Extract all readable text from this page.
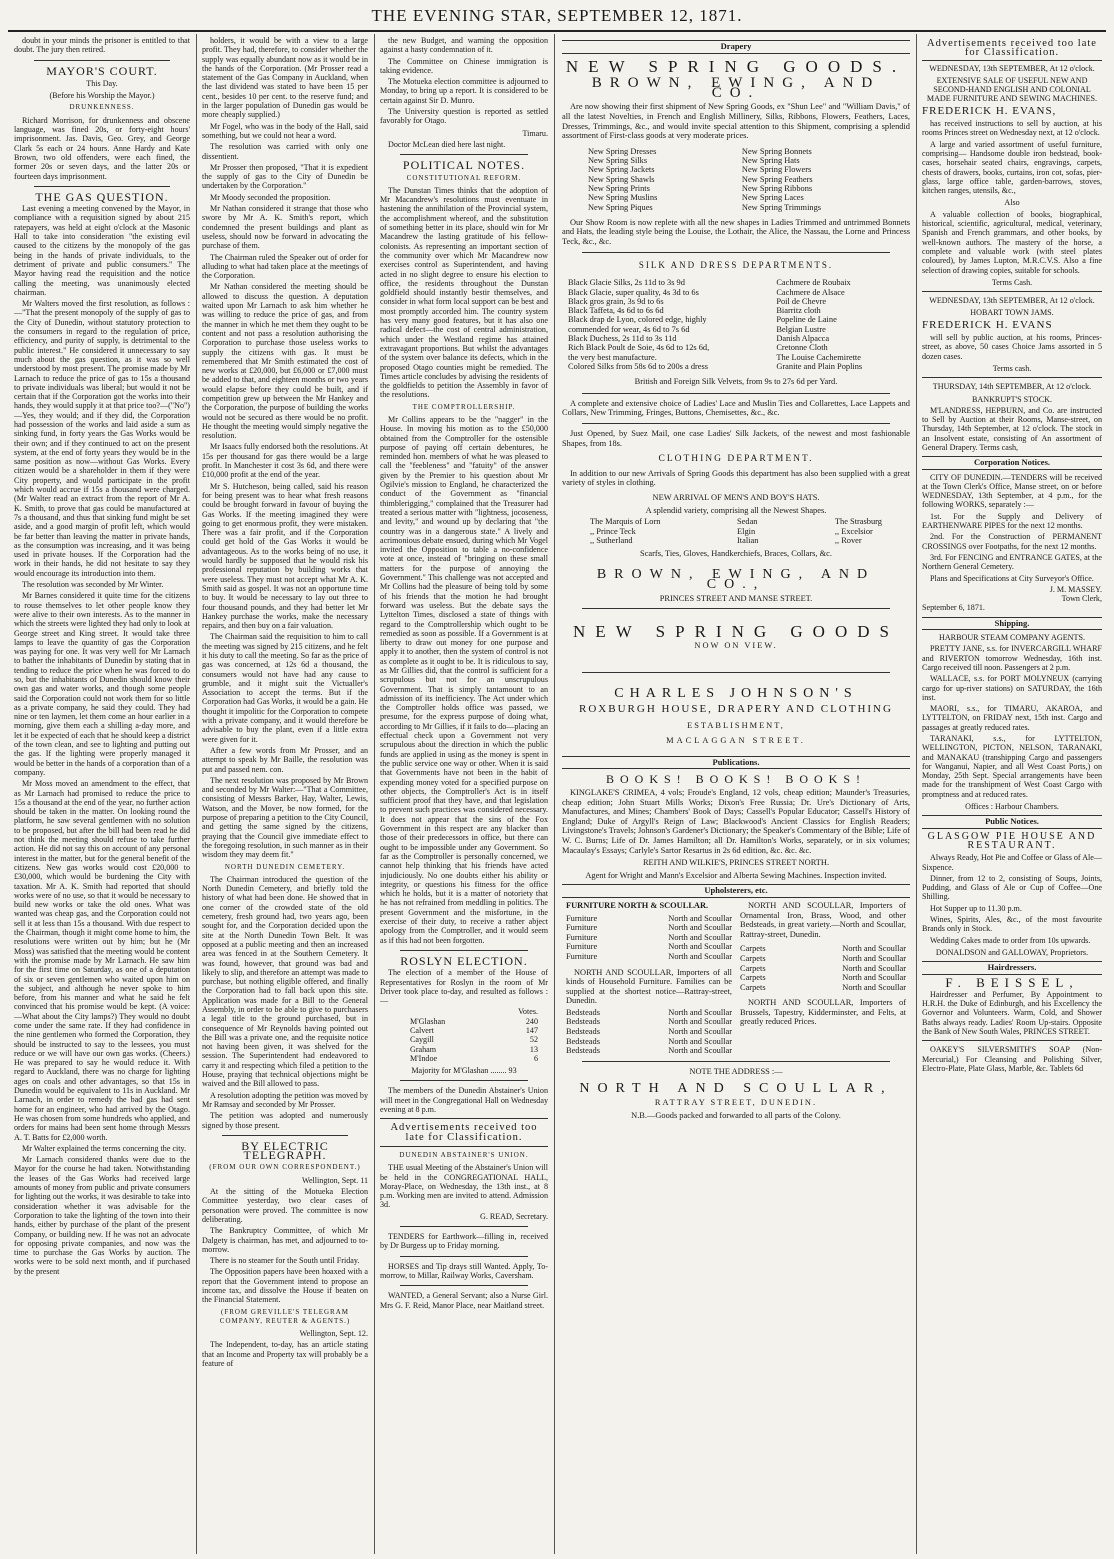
THE EVENING STAR, SEPTEMBER 12, 1871.

doubt in your minds the prisoner is entitled to that doubt. The jury then retired.

MAYOR'S COURT.
This Day.
(Before his Worship the Mayor.)
DRUNKENNESS.

Richard Morrison, for drunkenness and obscene language, was fined 20s, or forty-eight hours' imprisonment. Jas. Davis, Geo. Grey, and George Clark 5s each or 24 hours. Anne Hardy and Kate Brown, two old offenders, were each fined, the former 20s or seven days, and the latter 20s or fourteen days imprisonment.

THE GAS QUESTION.

Last evening a meeting convened by the Mayor, in compliance with a requisition signed by about 215 ratepayers, was held at eight o'clock at the Masonic Hall to take into consideration "the existing evil caused to the citizens by the monopoly of the gas being in the hands of private individuals, to the detriment of private and public consumers." The Mayor having read the requisition and the notice calling the meeting, was unanimously elected chairman.

Mr Walters moved the first resolution, as follows :—"That the present monopoly of the supply of gas to the City of Dunedin, without statutory protection to the consumers in regard to the regulation of price, efficiency, and purity of supply, is detrimental to the public interest." He considered it unnecessary to say much about the gas question, as it was so well understood by most present. The promise made by Mr Larnach to reduce the price of gas to 15s a thousand to private individuals was liberal; but would it not be certain that if the Corporation got the works into their hands, they would supply it at that price too?—("No")—Yes, they would; and if they did, the Corporation had possession of the works and laid aside a sum as sinking fund, in forty years the Gas Works would be their own; and if they continued to act on the present system, at the end of forty years they would be in the same position as now—without Gas Works. Every citizen would be a shareholder in them if they were City property, and would participate in the profit which would accrue if 15s a thousand were charged. (Mr Walter read an extract from the report of Mr A. K. Smith, to prove that gas could be manufactured at 7s a thousand, and thus that sinking fund might be set aside, and a good margin of profit left, which would be far better than leaving the matter in private hands, as the consumption was increasing, and it was being used in private houses. If the Corporation had the work in their hands, he did not hesitate to say they would encourage its introduction into them.

The resolution was seconded by Mr Winter.

Mr Barnes considered it quite time for the citizens to rouse themselves to let other people know they were alive to their own interests. As to the manner in which the streets were lighted they had only to look at George street and King street. It would take three lamps to leave the quantity of gas the Corporation was paying for one. It was very well for Mr Larnach to bather the inhabitants of Dunedin by stating that in tending to reduce the price when he was forced to do so, but the inhabitants of Dunedin should know their own gas and water works, and though some people said the Corporation could not work them for so little as a private company, he said they could. They had nine or ten laymen, let them come an hour earlier in a morning, give them each a shilling a-day more, and let it be expected of each that he should keep a district of the town clean, and see to lighting and putting out the gas. If the lighting were properly managed it would be better in the hands of a corporation than of a company.

Mr Moss moved an amendment to the effect, that as Mr Larnach had promised to reduce the price to 15s a thousand at the end of the year, no further action should be taken in the matter. On looking round the platform, he saw several gentlemen with no solution to be proposed, but after the bill had been read he did not think the meeting should refuse to take further action. He did not say this on account of any personal interest in the matter, but for the general benefit of the citizens. New gas works would cost £20,000 to £30,000, which would be burdening the City with taxation. Mr A. K. Smith had reported that should works were of no use, so that it would be necessary to build new works or take the old ones. What was wanted was cheap gas, and the Corporation could not sell it at less than 15s a thousand. With due respect to the Chairman, though it might come home to him, the resolutions were written out by him; but he (Mr Moss) was satisfied that the meeting would be content with the promise made by Mr Larnach. He saw him for the first time on Saturday, as one of a deputation of six or seven gentlemen who waited upon him on the subject, and although he never spoke to him before, from his manner and what he said he felt convinced that his promise would be kept. (A voice:—What about the City lamps?) They would no doubt come under the same rate. If they had confidence in the nine gentlemen who formed the Corporation, they should be instructed to say to the lessees, you must reduce or we will have our own gas works. (Cheers.) He was prepared to say he would reduce it. With regard to Auckland, there was no charge for lighting ages on coals and other advantages, so that 15s in Dunedin would be equivalent to 11s in Auckland. Mr Larnach, in order to remedy the bad gas had sent home for an engineer, who had arrived by the Otago. He was chosen from some hundreds who applied, and orders for mains had been sent home through Messrs A. T. Batts for £2,000 worth.

Mr Walter explained the terms concerning the city.

Mr Larnach considered thanks were due to the Mayor for the course he had taken. Notwithstanding the leases of the Gas Works had received large amounts of money from public and private consumers for lighting out the works, it was desirable to take into consideration whether it was advisable for the Corporation to take the lighting of the town into their hands, either by purchase of the plant of the present Company, or building new. If he was not an advocate for opposing private companies, and now was the time to purchase the Gas Works by auction. The works were to be sold next month, and if purchased by the present

holders, it would be with a view to a large profit. They had, therefore, to consider whether the supply was equally abundant now as it would be in the hands of the Corporation. (Mr Prosser read a statement of the Gas Company in Auckland, when the last dividend was stated to have been 15 per cent., besides 10 per cent. to the reserve fund; and in the larger population of Dunedin gas would be more cheaply supplied.)

Mr Fogel, who was in the body of the Hall, said something, but we could not hear a word.

The resolution was carried with only one dissentient.

Mr Prosser then proposed, "That it is expedient the supply of gas to the City of Dunedin be undertaken by the Corporation."

Mr Moody seconded the proposition.

Mr Nathan considered it strange that those who swore by Mr A. K. Smith's report, which condemned the present buildings and plant as useless, should now be forward in advocating the purchase of them.

The Chairman ruled the Speaker out of order for alluding to what had taken place at the meetings of the Corporation.

Mr Nathan considered the meeting should be allowed to discuss the question. A deputation waited upon Mr Larnach to ask him whether he was willing to reduce the price of gas, and from the manner in which he met them they ought to be content and not pass a resolution authorising the Corporation to purchase those useless works to supply the citizens with gas. It must be remembered that Mr Smith estimated the cost of new works at £20,000, but £6,000 or £7,000 must be added to that, and eighteen months or two years would elapse before they could be built, and if competition grew up between the Mr Hankey and the Corporation, the purpose of building the works would not be secured as there would be no profit. He thought the meeting would simply negative the resolution.

Mr Isaacs fully endorsed both the resolutions. At 15s per thousand for gas there would be a large profit. In Manchester it cost 3s 6d, and there were £10,000 profit at the end of the year.

Mr S. Hutcheson, being called, said his reason for being present was to hear what fresh reasons could be brought forward in favour of buying the Gas Works. If the meeting imagined they were going to get enormous profit, they were mistaken. There was a fair profit, and if the Corporation could get hold of the Gas Works it would be advantageous. As to the works being of no use, it would hardly be supposed that he would risk his professional reputation by building works that were useless. They must not accept what Mr A. K. Smith said as gospel. It was not an opportune time to buy. It would be necessary to lay out three to four thousand pounds, and they had better let Mr Hankey purchase the works, make the necessary repairs, and then buy on a fair valuation.

The Chairman said the requisition to him to call the meeting was signed by 215 citizens, and he felt it his duty to call the meeting. So far as the price of gas was concerned, at 12s 6d a thousand, the consumers would not have had any cause to grumble, and it might suit the Victualler's Association to accept the terms. But if the Corporation had Gas Works, it would be a gain. He thought it impolitic for the Corporation to compete with a private company, and it would therefore be advisable to buy the plant, even if a little extra were given for it.

After a few words from Mr Prosser, and an attempt to speak by Mr Baille, the resolution was put and passed nem. con.

The next resolution was proposed by Mr Brown and seconded by Mr Walter:—"That a Committee, consisting of Messrs Barker, Hay, Walter, Lewis, Watson, and the Mover, be now formed, for the purpose of preparing a petition to the City Council, and getting the same signed by the citizens, praying that the Council give immediate effect to the foregoing resolution, in such manner as in their wisdom they may deem fit."

NORTH DUNEDIN CEMETERY.

The Chairman introduced the question of the North Dunedin Cemetery, and briefly told the history of what had been done. He showed that in one corner of the crowded state of the old cemetery, fresh ground had, two years ago, been sought for, and the Corporation decided upon the site at the North Dunedin Town Belt. It was opposed at a public meeting and then an increased area was fenced in at the Southern Cemetery. It was found, however, that ground was bad and likely to slip, and therefore an attempt was made to purchase, but nothing eligible offered, and finally the Corporation had to fall back upon this site. Application was made for a Bill to the General Assembly, in order to be able to give to purchasers a legal title to the ground purchased, but in consequence of Mr Reynolds having pointed out the Bill was a private one, and the requisite notice not having been given, it was shelved for the session. The Superintendent had endeavored to carry it and respecting which filed a petition to the House, praying that technical objections might be waived and the Bill allowed to pass.

A resolution adopting the petition was moved by Mr Ramsay and seconded by Mr Prosser.

The petition was adopted and numerously signed by those present.

BY ELECTRIC TELEGRAPH.
(FROM OUR OWN CORRESPONDENT.)
Wellington, Sept. 11

At the sitting of the Motueka Election Committee yesterday, two clear cases of personation were proved. The committee is now deliberating.

The Bankruptcy Committee, of which Mr Dalgety is chairman, has met, and adjourned to to-morrow.

There is no steamer for the South until Friday.

The Opposition papers have been hoaxed with a report that the Government intend to propose an income tax, and dissolve the House if beaten on the Financial Statement.

(FROM GREVILLE'S TELEGRAM COMPANY, REUTER & AGENTS.)
Wellington, Sept. 12.

The Independent, to-day, has an article stating that an Income and Property tax will probably be a feature of

the new Budget, and warning the opposition against a hasty condemnation of it.

The Committee on Chinese immigration is taking evidence.

The Motueka election committee is adjourned to Monday, to bring up a report. It is considered to be certain against Sir D. Munro.

The University question is reported as settled favorably for Otago.

Timaru.

Doctor McLean died here last night.

POLITICAL NOTES.
CONSTITUTIONAL REFORM.

The Dunstan Times thinks that the adoption of Mr Macandrew's resolutions must eventuate in hastening the annihilation of the Provincial system, the accomplishment whereof, and the substitution of something better in its place, should win for Mr Macandrew the lasting gratitude of his fellow-colonists. As representing an important section of the community over which Mr Macandrew now exercises control as Superintendent, and having acted in no slight degree to ensure his election to office, the residents throughout the Dunstan goldfield should instantly bestir themselves, and consider in what form local support can be best and most promptly accorded him. The country system has very many good features, but it has also one radical defect—the cost of central administration, which under the Westland regime has attained extravagant proportions. But whilst the advantages of the system over balance its defects, which in the proposed Otago counties might be remedied. The Times article concludes by advising the residents of the goldfields to petition the Assembly in favor of the resolutions.

THE COMPTROLLERSHIP.

Mr Collins appears to be the "nagger" in the House. In moving his motion as to the £50,000 obtained from the Comptroller for the ostensible purpose of paying off certain debentures, he reminded hon. members of what he was pleased to call the "feebleness" and "fatuity" of the answer given by the Premier to his question about Mr Ogilvie's mission to England, he characterized the conduct of the Government as "financial thimblerigging," complained that the Treasurer had treated a serious matter with "lightness, jocoseness, and levity," and wound up by declaring that "the country was in a dangerous state." A lively and acrimonious debate ensued, during which Mr Vogel invited the Opposition to table a no-confidence vote at once, instead of "bringing on these small matters for the purpose of annoying the Government." This challenge was not accepted and Mr Collins had the pleasure of being told by some of his friends that the motion he had brought forward was useless. But the debate says the Lyttelton Times, disclosed a state of things with regard to the Comptrollership which ought to be remedied as soon as possible. If a Government is at liberty to draw out money for one purpose and apply it to another, then the system of control is not as complete as it ought to be. It is ridiculous to say, as Mr Gillies did, that the control is sufficient for a scrupulous but not for an unscrupulous Government. That is simply tantamount to an admission of its inefficiency. The Act under which the Comptroller holds office was passed, we presume, for the express purpose of doing what, according to Mr Gillies, if it fails to do—placing an effectual check upon a Government not very scrupulous about the direction in which the public funds are applied in using as the money is spent in the public service one way or other. When it is said that Governments have not been in the habit of expending money voted for a specified purpose on other objects, the Comptroller's Act is in itself sufficient proof that they have, and that legislation to prevent such practices was considered necessary. It does not appear that the sins of the Fox Government in this respect are any blacker than those of their predecessors in office, but there can ought to be impossible under any Government. So far as the Comptroller is personally concerned, we cannot help thinking that his friends have acted injudiciously. No one doubts either his ability or integrity, or questions his fitness for the office which he holds, but it is a matter of notoriety that he has not refrained from meddling in politics. The present Government and the misfortune, in the exercise of their duty, to receive a rather abject apology from the Comptroller, and it would seem as if this had not been forgotten.

ROSLYN ELECTION.

The election of a member of the House of Representatives for Roslyn in the room of Mr Driver took place to-day, and resulted as follows :—

Votes.
M'Glashan	240
Calvert	147
Caygill	52
Graham	13
M'Indoe	6
Majority for M'Glashan ........ 93

The members of the Dunedin Abstainer's Union will meet in the Congregational Hall on Wednesday evening at 8 p.m.

Advertisements received too late for Classification.
DUNEDIN ABSTAINER'S UNION.

THE usual Meeting of the Abstainer's Union will be held in the CONGREGATIONAL HALL, Moray-Place, on Wednesday, the 13th inst., at 8 p.m. Working men are invited to attend. Admission 3d.

G. READ, Secretary.

TENDERS for Earthwork—filling in, received by Dr Burgess up to Friday morning.

HORSES and Tip drays still Wanted. Apply, To-morrow, to Millar, Railway Works, Caversham.

WANTED, a General Servant; also a Nurse Girl. Mrs G. F. Reid, Manor Place, near Maitland street.

Drapery
NEW SPRING GOODS.
BROWN, EWING, AND CO.

Are now showing their first shipment of New Spring Goods, ex "Shun Lee" and "William Davis," of all the latest Novelties, in French and English Millinery, Silks, Ribbons, Flowers, Feathers, Laces, Dresses, Trimmings, &c., and would invite special attention to this Shipment, comprising a splendid assortment of First-class goods at very moderate prices.

New Spring Dresses
New Spring Silks
New Spring Jackets
New Spring Shawls
New Spring Prints
New Spring Muslins
New Spring Piques
New Spring Bonnets
New Spring Hats
New Spring Flowers
New Spring Feathers
New Spring Ribbons
New Spring Laces
New Spring Trimmings

Our Show Room is now replete with all the new shapes in Ladies Trimmed and untrimmed Bonnets and Hats, the leading style being the Louise, the Lothair, the Alice, the Nassau, the Lorne and Princess Teck, &c., &c.

SILK AND DRESS DEPARTMENTS.
Black Glacie Silks, 2s 11d to 3s 9d
Black Glacie, super quality, 4s 3d to 6s
Black gros grain, 3s 9d to 6s
Black Taffeta, 4s 6d to 6s 6d
Black drap de Lyon, colored edge, highly
commended for wear, 4s 6d to 7s 6d
Black Duchess, 2s 11d to 3s 11d
Rich Black Poult de Soie, 4s 6d to 12s 6d,
the very best manufacture.
Colored Silks from 58s 6d to 200s a dress
Cachmere de Roubaix
Cachmere de Alsace
Poil de Chevre
Biarritz cloth
Popeline de Laine
Belgian Lustre
Danish Alpacca
Cretonne Cloth
The Louise Cachemirette
Granite and Plain Poplins
British and Foreign Silk Velvets, from 9s to 27s 6d per Yard.

A complete and extensive choice of Ladies' Lace and Muslin Ties and Collarettes, Lace Lappets and Collars, New Trimming, Fringes, Buttons, Chemisettes, &c., &c.

Just Opened, by Suez Mail, one case Ladies' Silk Jackets, of the newest and most fashionable Shapes, from 18s.

CLOTHING DEPARTMENT.

In addition to our new Arrivals of Spring Goods this department has also been supplied with a great variety of styles in clothing.

NEW ARRIVAL OF MEN'S AND BOY'S HATS.
A splendid variety, comprising all the Newest Shapes.
The Marquis of Lorn
,, Prince Teck
,, Sutherland
Sedan
Elgin
Italian
The Strasburg
,, Excelsior
,, Rover
Scarfs, Ties, Gloves, Handkerchiefs, Braces, Collars, &c.
BROWN, EWING, AND CO.,
PRINCES STREET AND MANSE STREET.
NEW SPRING GOODS
NOW ON VIEW.
CHARLES JOHNSON'S
ROXBURGH HOUSE, DRAPERY AND CLOTHING
ESTABLISHMENT,
MACLAGGAN STREET.
Publications.
BOOKS! BOOKS! BOOKS!

KINGLAKE'S CRIMEA, 4 vols; Froude's England, 12 vols, cheap edition; Maunder's Treasuries, cheap edition; John Stuart Mills Works; Dixon's Free Russia; Dr. Ure's Dictionary of Arts, Manufactures, and Mines; Chambers' Book of Days; Cassell's Popular Educator; Cassell's History of England; Duke of Argyll's Reign of Law; Blackwood's Ancient Classics for English Readers; Livingstone's Travels; Johnson's Gardener's Dictionary; the Speaker's Commentary of the Bible; Life of W. C. Burns; Life of Dr. James Hamilton; all Dr. Hamilton's Works, separately, or in six volumes; Macaulay's Essays; Carlyle's Sartor Resartus in 2s 6d edition, &c. &c. &c.

REITH AND WILKIE'S, PRINCES STREET NORTH.
Agent for Wright and Mann's Excelsior and Alberta Sewing Machines. Inspection invited.
Upholsterers, etc.
FURNITURE NORTH & SCOULLAR.
Furniture	North and Scoullar
Furniture	North and Scoullar
Furniture	North and Scoullar
Furniture	North and Scoullar
Furniture	North and Scoullar

NORTH AND SCOULLAR, Importers of all kinds of Household Furniture. Families can be supplied at the shortest notice—Rattray-street, Dunedin.

Bedsteads	North and Scoullar
Bedsteads	North and Scoullar
Bedsteads	North and Scoullar
Bedsteads	North and Scoullar
Bedsteads	North and Scoullar

NORTH AND SCOULLAR, Importers of Ornamental Iron, Brass, Wood, and other Bedsteads, in great variety.—North and Scoullar, Rattray-street, Dunedin.

Carpets	North and Scoullar
Carpets	North and Scoullar
Carpets	North and Scoullar
Carpets	North and Scoullar
Carpets	North and Scoullar

NORTH AND SCOULLAR, Importers of Brussels, Tapestry, Kidderminster, and Felts, at greatly reduced Prices.

NOTE THE ADDRESS :—
NORTH AND SCOULLAR,
RATTRAY STREET, DUNEDIN.
N.B.—Goods packed and forwarded to all parts of the Colony.
Advertisements received too late for Classification.
WEDNESDAY, 13th SEPTEMBER, At 12 o'clock.
EXTENSIVE SALE OF USEFUL NEW AND SECOND-HAND ENGLISH AND COLONIAL MADE FURNITURE AND SEWING MACHINES.
FREDERICK H. EVANS,

has received instructions to sell by auction, at his rooms Princes street on Wednesday next, at 12 o'clock.

A large and varied assortment of useful furniture, comprising— Handsome double iron bedstead, book-cases, horsehair seated chairs, engravings, carpets, chests of drawers, books, curtains, iron cot, sofas, pier-glass, large office table, garden-barrows, stoves, kitchen ranges, utensils, &c.,

Also

A valuable collection of books, biographical, historical, scientific, agricultural, medical, veterinary, Spanish and French grammars, and other books, by well-known authors. The mastery of the horse, a complete and valuable work (with steel plates coloured), by James Lupton, M.R.C.V.S. Also a fine selection of drawing copies, suitable for schools.

Terms Cash.
WEDNESDAY, 13th SEPTEMBER, At 12 o'clock.
HOBART TOWN JAMS.
FREDERICK H. EVANS

will sell by public auction, at his rooms, Princes-street, as above, 50 cases Choice Jams assorted in 5 dozen cases.

Terms cash.
THURSDAY, 14th SEPTEMBER, At 12 o'clock.
BANKRUPT'S STOCK.

M'LANDRESS, HEPBURN, and Co. are instructed to Sell by Auction at their Rooms, Manse-street, on Thursday, 14th September, at 12 o'clock. The stock in an Insolvent estate, consisting of An assortment of General Drapery. Terms cash,

Corporation Notices.

CITY OF DUNEDIN.—TENDERS will be received at the Town Clerk's Office, Manse street, on or before WEDNESDAY, 13th September, at 4 p.m., for the following WORKS, separately :—

1st. For the Supply and Delivery of EARTHENWARE PIPES for the next 12 months.

2nd. For the Construction of PERMANENT CROSSINGS over Footpaths, for the next 12 months.

3rd. For FENCING and ENTRANCE GATES, at the Northern General Cemetery.

Plans and Specifications at City Surveyor's Office.

J. M. MASSEY.
Town Clerk,
September 6, 1871.
Shipping.
HARBOUR STEAM COMPANY AGENTS.

PRETTY JANE, s.s. for INVERCARGILL WHARF and RIVERTON tomorrow Wednesday, 16th inst. Cargo received till noon. Passengers at 2 p.m.

WALLACE, s.s. for PORT MOLYNEUX (carrying cargo for up-river stations) on SATURDAY, the 16th inst.

MAORI, s.s., for TIMARU, AKAROA, and LYTTELTON, on FRIDAY next, 15th inst. Cargo and passages at greatly reduced rates.

TARANAKI, s.s., for LYTTELTON, WELLINGTON, PICTON, NELSON, TARANAKI, and MANAKAU (transhipping Cargo and passengers for Wanganui, Napier, and all West Coast Ports,) on Monday, 25th Sept. Special arrangements have been made for the transhipment of West Coast Cargo with promptness and at reduced rates.

Offices : Harbour Chambers.
Public Notices.
GLASGOW PIE HOUSE AND RESTAURANT.

Always Ready, Hot Pie and Coffee or Glass of Ale—Sixpence.

Dinner, from 12 to 2, consisting of Soups, Joints, Pudding, and Glass of Ale or Cup of Coffee—One Shilling.

Hot Supper up to 11.30 p.m.

Wines, Spirits, Ales, &c., of the most favourite Brands only in Stock.

Wedding Cakes made to order from 10s upwards.

DONALDSON and GALLOWAY, Proprietors.
Hairdressers.
F. BEISSEL,

Hairdresser and Perfumer, By Appointment to H.R.H. the Duke of Edinburgh, and his Excellency the Governor and Volunteers. Warm, Cold, and Shower Baths always ready. Ladies' Room Up-stairs. Opposite the Bank of New South Wales, PRINCES STREET.

OAKEY'S SILVERSMITH'S SOAP (Non-Mercurial,) For Cleansing and Polishing Silver, Electro-Plate, Plate Glass, Marble, &c. Tablets 6d
